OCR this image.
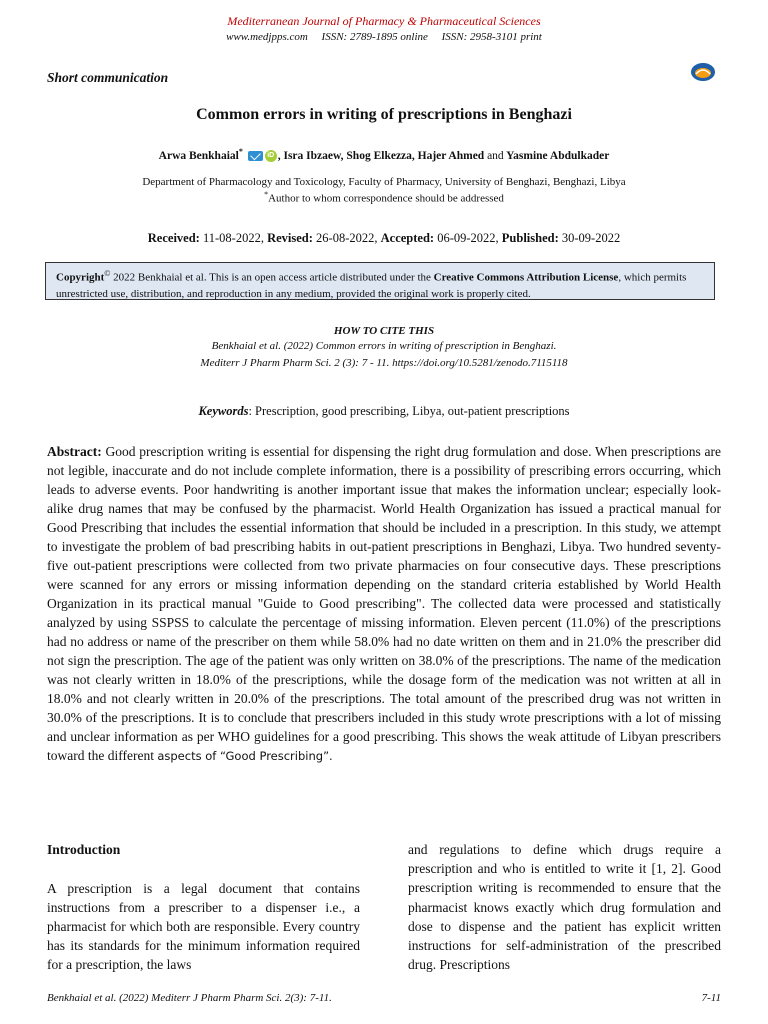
Mediterranean Journal of Pharmacy & Pharmaceutical Sciences
www.medjpps.com     ISSN: 2789-1895 online     ISSN: 2958-3101 print
Short communication
Common errors in writing of prescriptions in Benghazi
Arwa Benkhaial*	iD , Isra Ibzaew, Shog Elkezza, Hajer Ahmed and Yasmine Abdulkader
Department of Pharmacology and Toxicology, Faculty of Pharmacy, University of Benghazi, Benghazi, Libya
*Author to whom correspondence should be addressed
Received: 11-08-2022, Revised: 26-08-2022, Accepted: 06-09-2022, Published: 30-09-2022
Copyright© 2022 Benkhaial et al. This is an open access article distributed under the Creative Commons Attribution License, which permits unrestricted use, distribution, and reproduction in any medium, provided the original work is properly cited.
HOW TO CITE THIS
Benkhaial et al. (2022) Common errors in writing of prescription in Benghazi.
Mediterr J Pharm Pharm Sci. 2 (3): 7 - 11. https://doi.org/10.5281/zenodo.7115118
Keywords: Prescription, good prescribing, Libya, out-patient prescriptions
Abstract: Good prescription writing is essential for dispensing the right drug formulation and dose. When prescriptions are not legible, inaccurate and do not include complete information, there is a possibility of prescribing errors occurring, which leads to adverse events. Poor handwriting is another important issue that makes the information unclear; especially look-alike drug names that may be confused by the pharmacist. World Health Organization has issued a practical manual for Good Prescribing that includes the essential information that should be included in a prescription. In this study, we attempt to investigate the problem of bad prescribing habits in out-patient prescriptions in Benghazi, Libya. Two hundred seventy-five out-patient prescriptions were collected from two private pharmacies on four consecutive days. These prescriptions were scanned for any errors or missing information depending on the standard criteria established by World Health Organization in its practical manual "Guide to Good prescribing". The collected data were processed and statistically analyzed by using SSPSS to calculate the percentage of missing information. Eleven percent (11.0%) of the prescriptions had no address or name of the prescriber on them while 58.0% had no date written on them and in 21.0% the prescriber did not sign the prescription. The age of the patient was only written on 38.0% of the prescriptions. The name of the medication was not clearly written in 18.0% of the prescriptions, while the dosage form of the medication was not written at all in 18.0% and not clearly written in 20.0% of the prescriptions. The total amount of the prescribed drug was not written in 30.0% of the prescriptions. It is to conclude that prescribers included in this study wrote prescriptions with a lot of missing and unclear information as per WHO guidelines for a good prescribing. This shows the weak attitude of Libyan prescribers toward the different aspects of “Good Prescribing”.
Introduction
A prescription is a legal document that contains instructions from a prescriber to a dispenser i.e., a pharmacist for which both are responsible. Every country has its standards for the minimum information required for a prescription, the laws
and regulations to define which drugs require a prescription and who is entitled to write it [1, 2]. Good prescription writing is recommended to ensure that the pharmacist knows exactly which drug formulation and dose to dispense and the patient has explicit written instructions for self-administration of the prescribed drug. Prescriptions
Benkhaial et al. (2022) Mediterr J Pharm Pharm Sci. 2(3): 7-11.	7-11
